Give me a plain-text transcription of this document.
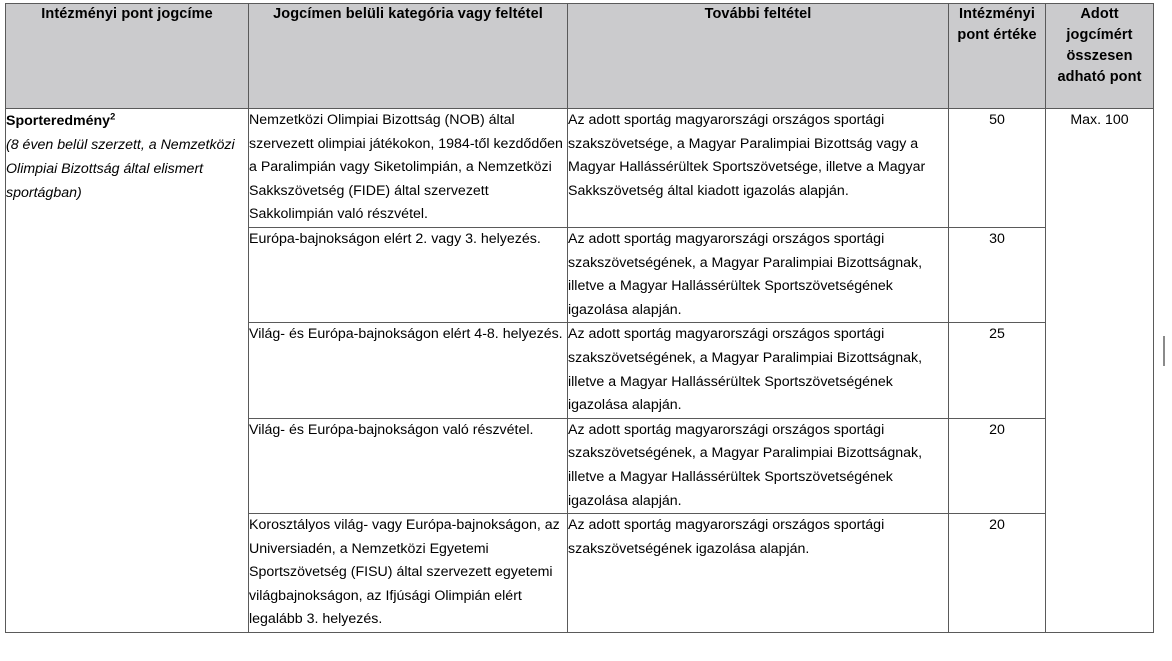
Intézményi pont jogcíme	Jogcímen belüli kategória vagy feltétel	További feltétel	Intézményi pont értéke	Adott jogcímért összesen adható pont

Sporteredmény$^2$
(8 éven belül szerzett, a Nemzetközi Olimpiai Bizottság által elismert sportágban)
	Nemzetközi Olimpiai Bizottság (NOB) által szervezett olimpiai játékokon, 1984-től kezdődően a Paralimpián vagy Siketolimpián, a Nemzetközi Sakkszövetség (FIDE) által szervezett Sakkolimpián való részvétel.	Az adott sportág magyarországi országos sportági szakszövetsége, a Magyar Paralimpiai Bizottság vagy a Magyar Hallássérültek Sportszövetsége, illetve a Magyar Sakkszövetség által kiadott igazolás alapján.	50	Max. 100
	Európa-bajnokságon elért 2. vagy 3. helyezés.	Az adott sportág magyarországi országos sportági szakszövetségének, a Magyar Paralimpiai Bizottságnak, illetve a Magyar Hallássérültek Sportszövetségének igazolása alapján.	30	
	Világ- és Európa-bajnokságon elért 4-8. helyezés.	Az adott sportág magyarországi országos sportági szakszövetségének, a Magyar Paralimpiai Bizottságnak, illetve a Magyar Hallássérültek Sportszövetségének igazolása alapján.	25	
	Világ- és Európa-bajnokságon való részvétel.	Az adott sportág magyarországi országos sportági szakszövetségének, a Magyar Paralimpiai Bizottságnak, illetve a Magyar Hallássérültek Sportszövetségének igazolása alapján.	20	
	Korosztályos világ- vagy Európa-bajnokságon, az Universiadén, a Nemzetközi Egyetemi Sportszövetség (FISU) által szervezett egyetemi világbajnokságon, az Ifjúsági Olimpián elért legalább 3. helyezés.	Az adott sportág magyarországi országos sportági szakszövetségének igazolása alapján.	20	
